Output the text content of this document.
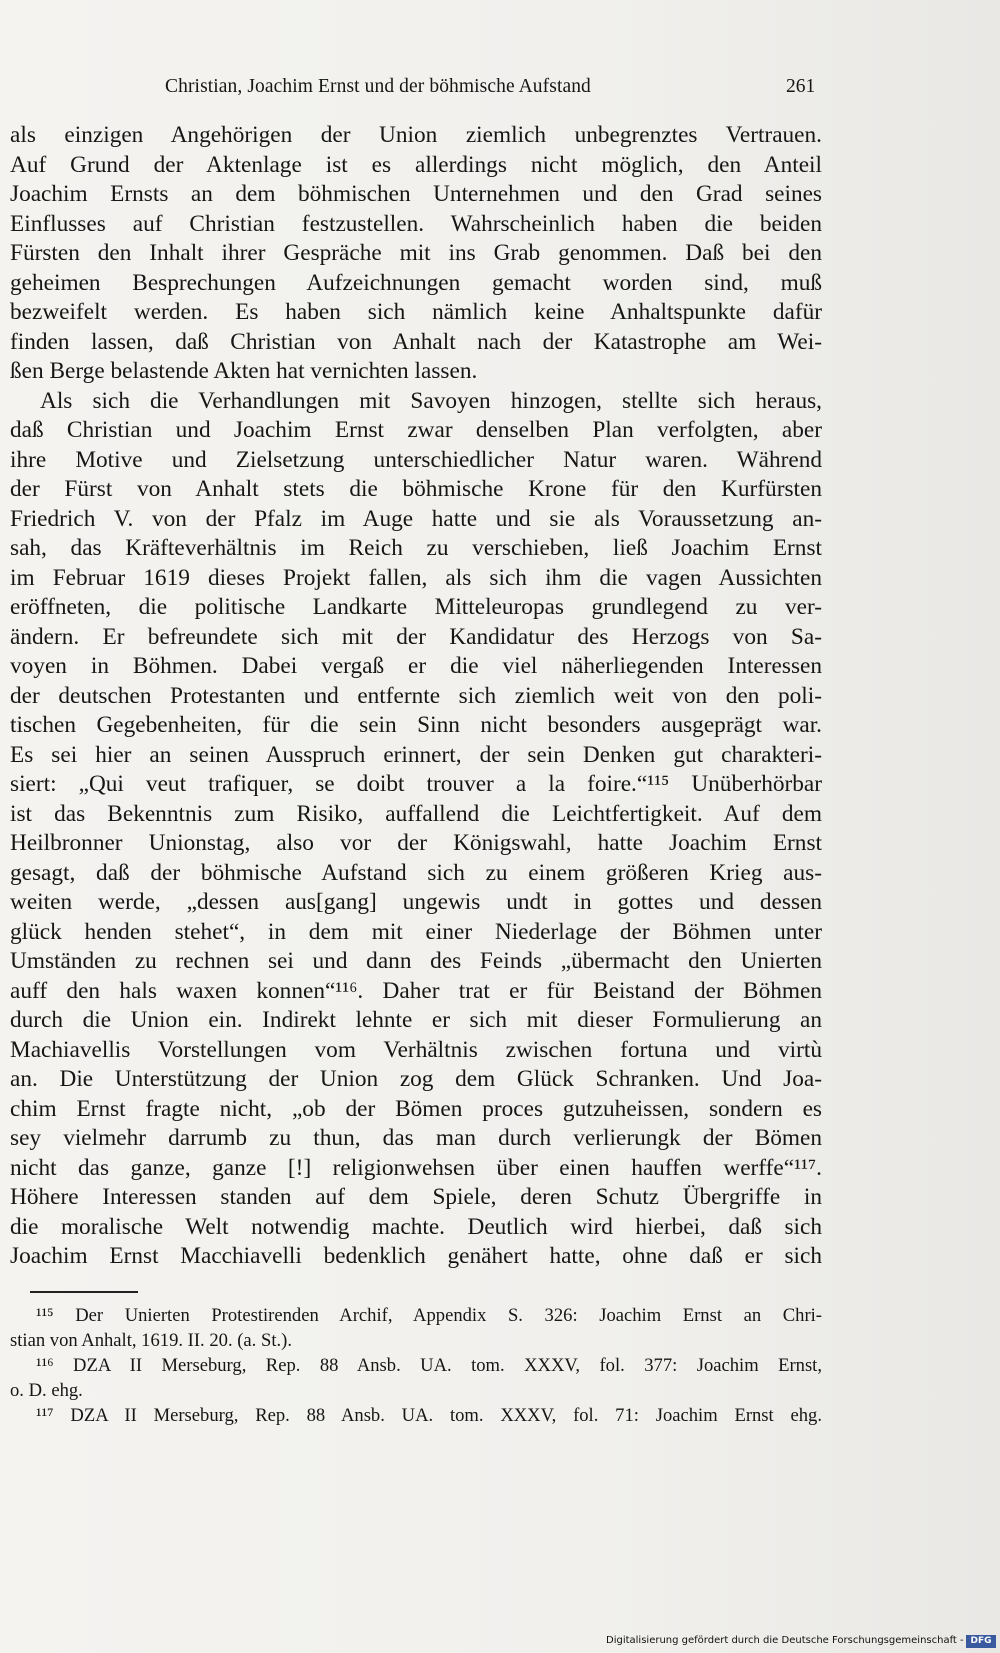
Christian, Joachim Ernst und der böhmische Aufstand	261
als einzigen Angehörigen der Union ziemlich unbegrenztes Vertrauen.
Auf Grund der Aktenlage ist es allerdings nicht möglich, den Anteil
Joachim Ernsts an dem böhmischen Unternehmen und den Grad seines
Einflusses auf Christian festzustellen. Wahrscheinlich haben die beiden
Fürsten den Inhalt ihrer Gespräche mit ins Grab genommen. Daß bei den
geheimen Besprechungen Aufzeichnungen gemacht worden sind, muß
bezweifelt werden. Es haben sich nämlich keine Anhaltspunkte dafür
finden lassen, daß Christian von Anhalt nach der Katastrophe am Wei-
ßen Berge belastende Akten hat vernichten lassen.
Als sich die Verhandlungen mit Savoyen hinzogen, stellte sich heraus,
daß Christian und Joachim Ernst zwar denselben Plan verfolgten, aber
ihre Motive und Zielsetzung unterschiedlicher Natur waren. Während
der Fürst von Anhalt stets die böhmische Krone für den Kurfürsten
Friedrich V. von der Pfalz im Auge hatte und sie als Voraussetzung an-
sah, das Kräfteverhältnis im Reich zu verschieben, ließ Joachim Ernst
im Februar 1619 dieses Projekt fallen, als sich ihm die vagen Aussichten
eröffneten, die politische Landkarte Mitteleuropas grundlegend zu ver-
ändern. Er befreundete sich mit der Kandidatur des Herzogs von Sa-
voyen in Böhmen. Dabei vergaß er die viel näherliegenden Interessen
der deutschen Protestanten und entfernte sich ziemlich weit von den poli-
tischen Gegebenheiten, für die sein Sinn nicht besonders ausgeprägt war.
Es sei hier an seinen Ausspruch erinnert, der sein Denken gut charakteri-
siert: „Qui veut trafiquer, se doibt trouver a la foire.“¹¹⁵ Unüberhörbar
ist das Bekenntnis zum Risiko, auffallend die Leichtfertigkeit. Auf dem
Heilbronner Unionstag, also vor der Königswahl, hatte Joachim Ernst
gesagt, daß der böhmische Aufstand sich zu einem größeren Krieg aus-
weiten werde, „dessen aus[gang] ungewis undt in gottes und dessen
glück henden stehet“, in dem mit einer Niederlage der Böhmen unter
Umständen zu rechnen sei und dann des Feinds „übermacht den Unierten
auff den hals waxen konnen“¹¹⁶. Daher trat er für Beistand der Böhmen
durch die Union ein. Indirekt lehnte er sich mit dieser Formulierung an
Machiavellis Vorstellungen vom Verhältnis zwischen fortuna und virtù
an. Die Unterstützung der Union zog dem Glück Schranken. Und Joa-
chim Ernst fragte nicht, „ob der Bömen proces gutzuheissen, sondern es
sey vielmehr darrumb zu thun, das man durch verlierungk der Bömen
nicht das ganze, ganze [!] religionwehsen über einen hauffen werffe“¹¹⁷.
Höhere Interessen standen auf dem Spiele, deren Schutz Übergriffe in
die moralische Welt notwendig machte. Deutlich wird hierbei, daß sich
Joachim Ernst Macchiavelli bedenklich genähert hatte, ohne daß er sich
¹¹⁵ Der Unierten Protestirenden Archif, Appendix S. 326: Joachim Ernst an Chri-
stian von Anhalt, 1619. II. 20. (a. St.).
¹¹⁶ DZA II Merseburg, Rep. 88 Ansb. UA. tom. XXXV, fol. 377: Joachim Ernst,
o. D. ehg.
¹¹⁷ DZA II Merseburg, Rep. 88 Ansb. UA. tom. XXXV, fol. 71: Joachim Ernst ehg.
Digitalisierung gefördert durch die Deutsche Forschungsgemeinschaft - DFG
